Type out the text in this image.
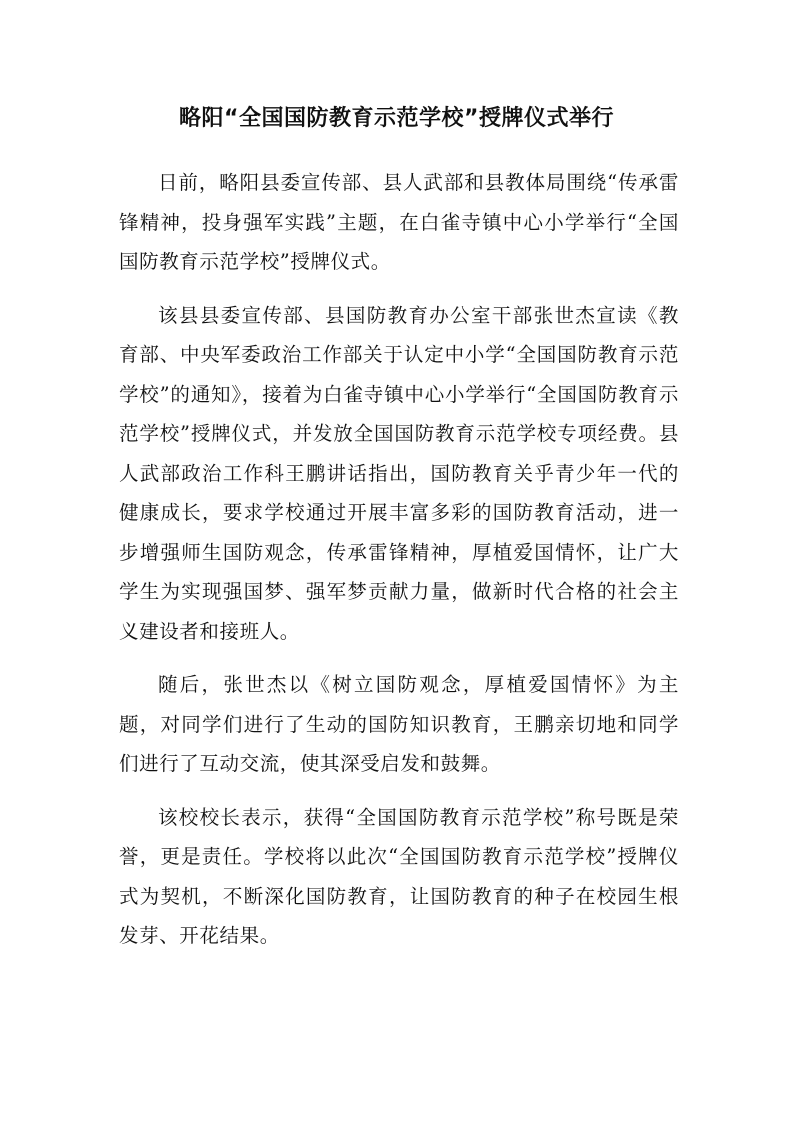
略阳“全国国防教育示范学校”授牌仪式举行

日前，略阳县委宣传部、县人武部和县教体局围绕“传承雷锋精神，投身强军实践”主题，在白雀寺镇中心小学举行“全国国防教育示范学校”授牌仪式。

该县县委宣传部、县国防教育办公室干部张世杰宣读《教育部、中央军委政治工作部关于认定中小学“全国国防教育示范学校”的通知》，接着为白雀寺镇中心小学举行“全国国防教育示范学校”授牌仪式，并发放全国国防教育示范学校专项经费。县人武部政治工作科王鹏讲话指出，国防教育关乎青少年一代的健康成长，要求学校通过开展丰富多彩的国防教育活动，进一步增强师生国防观念，传承雷锋精神，厚植爱国情怀，让广大学生为实现强国梦、强军梦贡献力量，做新时代合格的社会主义建设者和接班人。

随后，张世杰以《树立国防观念，厚植爱国情怀》为主题，对同学们进行了生动的国防知识教育，王鹏亲切地和同学们进行了互动交流，使其深受启发和鼓舞。

该校校长表示，获得“全国国防教育示范学校”称号既是荣誉，更是责任。学校将以此次“全国国防教育示范学校”授牌仪式为契机，不断深化国防教育，让国防教育的种子在校园生根发芽、开花结果。
